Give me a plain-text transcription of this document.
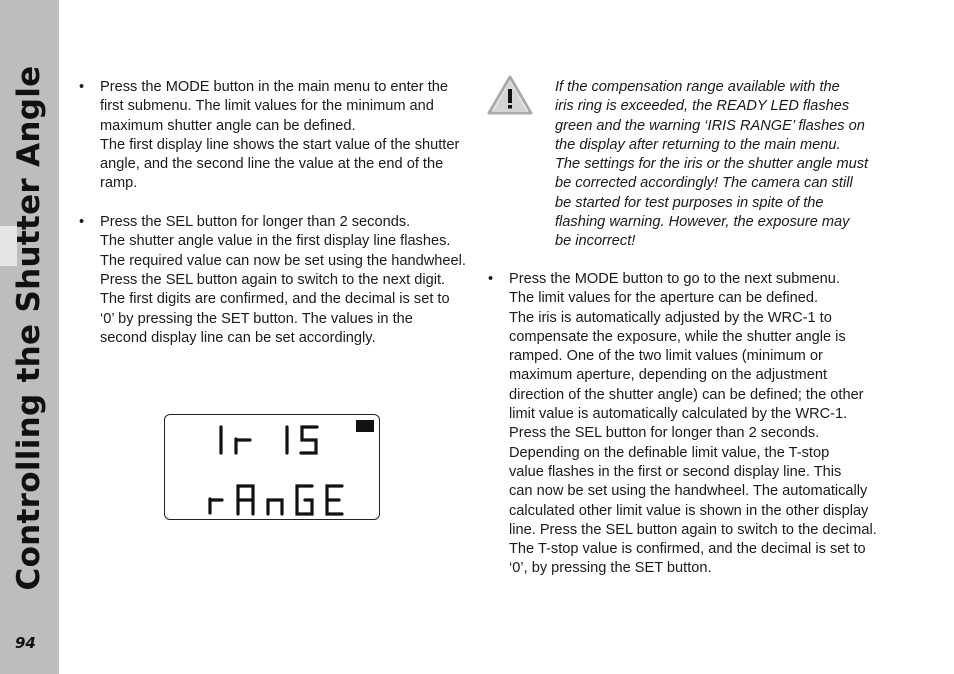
Controlling the Shutter Angle
94
• Press the MODE button in the main menu to enter the
first submenu. The limit values for the minimum and
maximum shutter angle can be defined.
The first display line shows the start value of the shutter
angle, and the second line the value at the end of the
ramp.
• Press the SEL button for longer than 2 seconds.
The shutter angle value in the first display line flashes.
The required value can now be set using the handwheel.
Press the SEL button again to switch to the next digit.
The first digits are confirmed, and the decimal is set to
‘0’ by pressing the SET button. The values in the
second display line can be set accordingly.
If the compensation range available with the
iris ring is exceeded, the READY LED flashes
green and the warning ‘IRIS RANGE’ flashes on
the display after returning to the main menu.
The settings for the iris or the shutter angle must
be corrected accordingly! The camera can still
be started for test purposes in spite of the
flashing warning. However, the exposure may
be incorrect!
• Press the MODE button to go to the next submenu.
The limit values for the aperture can be defined.
The iris is automatically adjusted by the WRC-1 to
compensate the exposure, while the shutter angle is
ramped. One of the two limit values (minimum or
maximum aperture, depending on the adjustment
direction of the shutter angle) can be defined; the other
limit value is automatically calculated by the WRC-1.
Press the SEL button for longer than 2 seconds.
Depending on the definable limit value, the T-stop
value flashes in the first or second display line. This
can now be set using the handwheel. The automatically
calculated other limit value is shown in the other display
line. Press the SEL button again to switch to the decimal.
The T-stop value is confirmed, and the decimal is set to
‘0’, by pressing the SET button.
